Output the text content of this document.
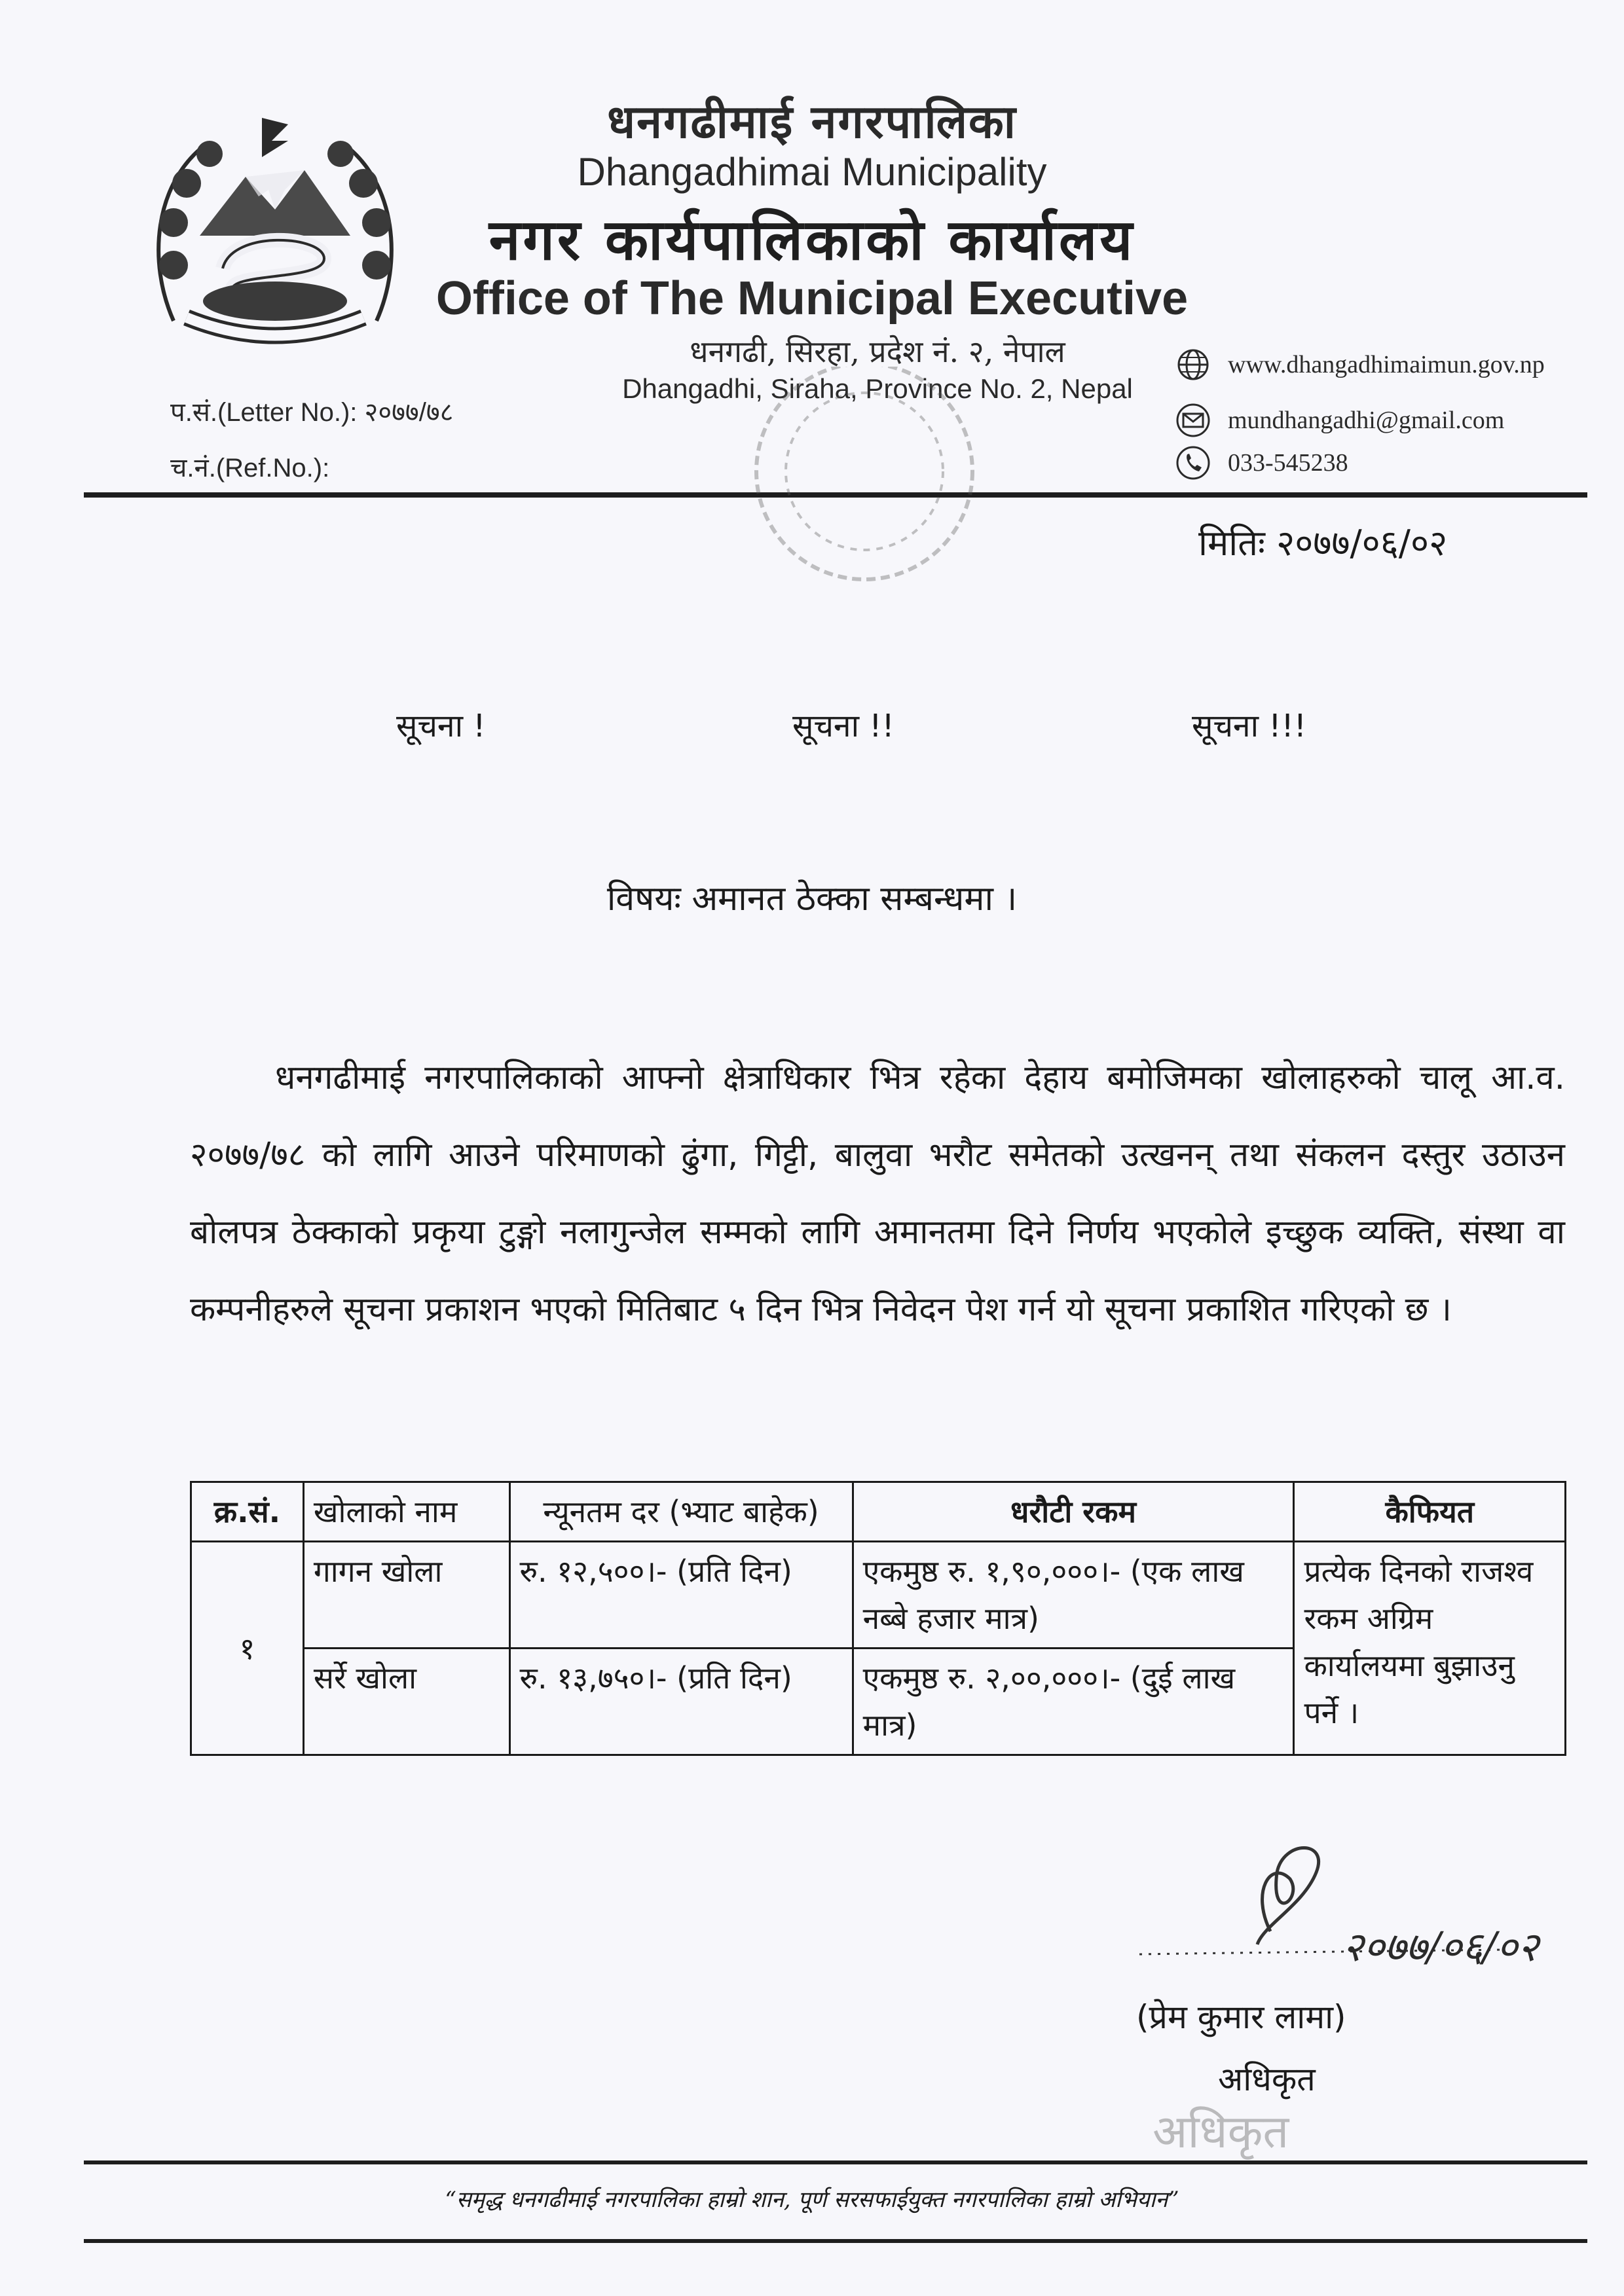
धनगढीमाई नगरपालिका
Dhangadhimai Municipality
नगर कार्यपालिकाको कार्यालय
Office of The Municipal Executive
धनगढी, सिरहा, प्रदेश नं. २, नेपाल
Dhangadhi, Siraha, Province No. 2, Nepal
www.dhangadhimaimun.gov.np
mundhangadhi@gmail.com
033-545238
प.सं.(Letter No.): २०७७/७८
च.नं.(Ref.No.):
मितिः २०७७/०६/०२
सूचना !	सूचना !!	सूचना !!!
विषयः अमानत ठेक्का सम्बन्धमा ।
धनगढीमाई नगरपालिकाको आफ्नो क्षेत्राधिकार भित्र रहेका देहाय बमोजिमका खोलाहरुको चालू आ.व. २०७७/७८ को लागि आउने परिमाणको ढुंगा, गिट्टी, बालुवा भरौट समेतको उत्खनन् तथा संकलन दस्तुर उठाउन बोलपत्र ठेक्काको प्रकृया टुङ्गो नलागुन्जेल सम्मको लागि अमानतमा दिने निर्णय भएकोले इच्छुक व्यक्ति, संस्था वा कम्पनीहरुले सूचना प्रकाशन भएको मितिबाट ५ दिन भित्र निवेदन पेश गर्न यो सूचना प्रकाशित गरिएको छ ।
क्र.सं.	खोलाको नाम	न्यूनतम दर (भ्याट बाहेक)	धरौटी रकम	कैफियत
१	गागन खोला	रु. १२,५००।- (प्रति दिन)	एकमुष्ठ रु. १,९०,०००।- (एक लाख नब्बे हजार मात्र)	प्रत्येक दिनको राजश्व रकम अग्रिम कार्यालयमा बुझाउनु पर्ने ।
	सर्रे खोला	रु. १३,७५०।- (प्रति दिन)	एकमुष्ठ रु. २,००,०००।- (दुई लाख मात्र)	
२०७७/०६/०२
(प्रेम कुमार लामा)
अधिकृत
अधिकृत
“समृद्ध धनगढीमाई नगरपालिका हाम्रो शान, पूर्ण सरसफाईयुक्त नगरपालिका हाम्रो अभियान”
